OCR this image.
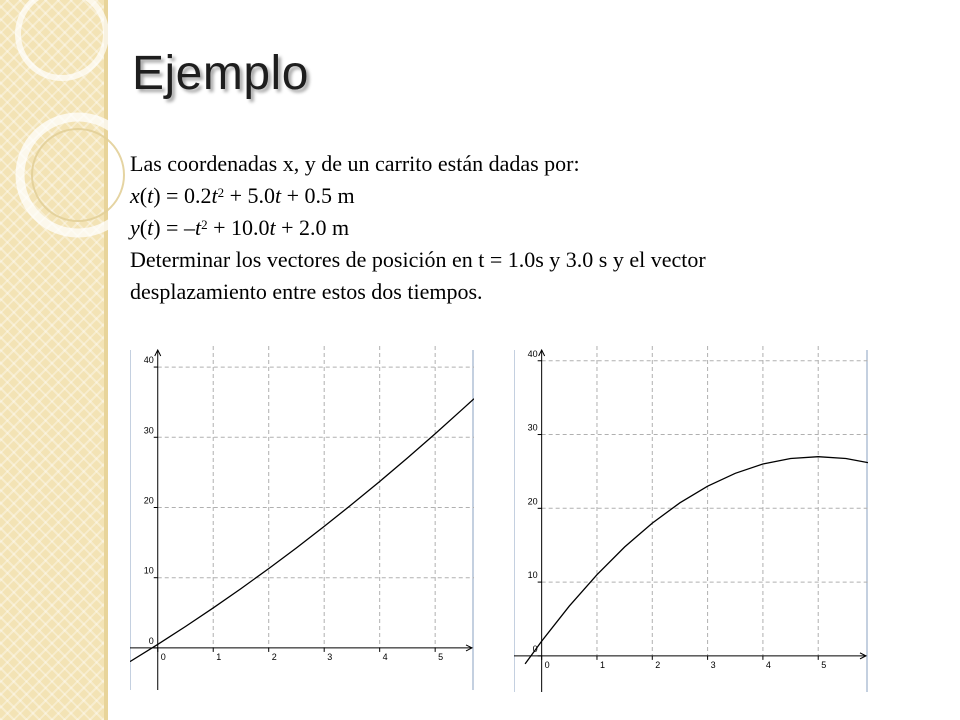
Ejemplo

Las coordenadas x, y de un carrito están dadas por:

$x(t) = 0.2t^2 + 5.0t + 0.5$ m

$y(t) = -t^2 + 10.0t + 2.0$ m

Determinar los vectores de posición en t = 1.0s y 3.0 s y el vector

desplazamiento entre estos dos tiempos.

0	1	2	3	4	5
0
10
20
30
40
0	1	2	3	4	5
0
10
20
30
40
